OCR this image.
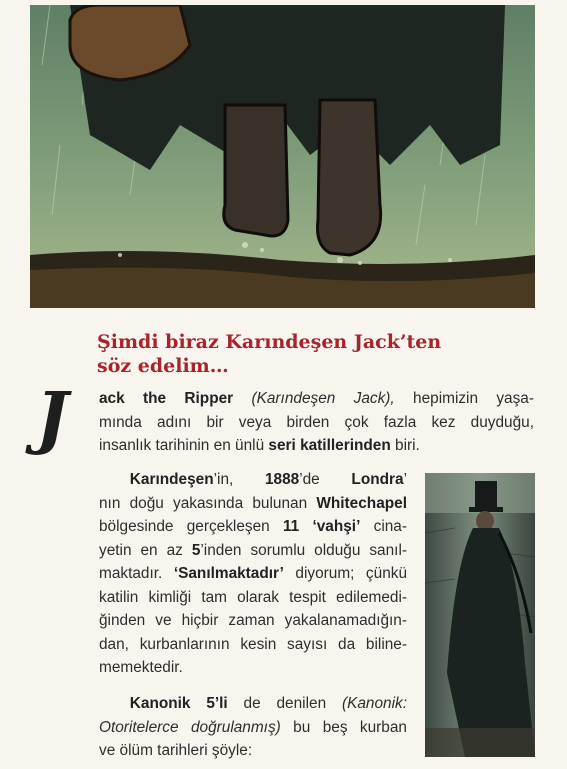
Şimdi biraz Karındeşen Jack’ten
söz edelim…
J ack the Ripper (Karındeşen Jack), hepimizin yaşa-
mında adını bir veya birden çok fazla kez duyduğu,
insanlık tarihinin en ünlü seri katillerinden biri.

  Karındeşen’in, 1888’de Londra’
nın doğu yakasında bulunan Whitechapel
bölgesinde gerçekleşen 11 ‘vahşi’ cina-
yetin en az 5’inden sorumlu olduğu sanıl-
maktadır. ‘Sanılmaktadır’ diyorum; çünkü
katilin kimliği tam olarak tespit edilemedi-
ğinden ve hiçbir zaman yakalanamadığın-
dan, kurbanlarının kesin sayısı da biline-
memektedir.

  Kanonik 5’li de denilen (Kanonik:
Otoritelerce doğrulanmış) bu beş kurban
ve ölüm tarihleri şöyle:
